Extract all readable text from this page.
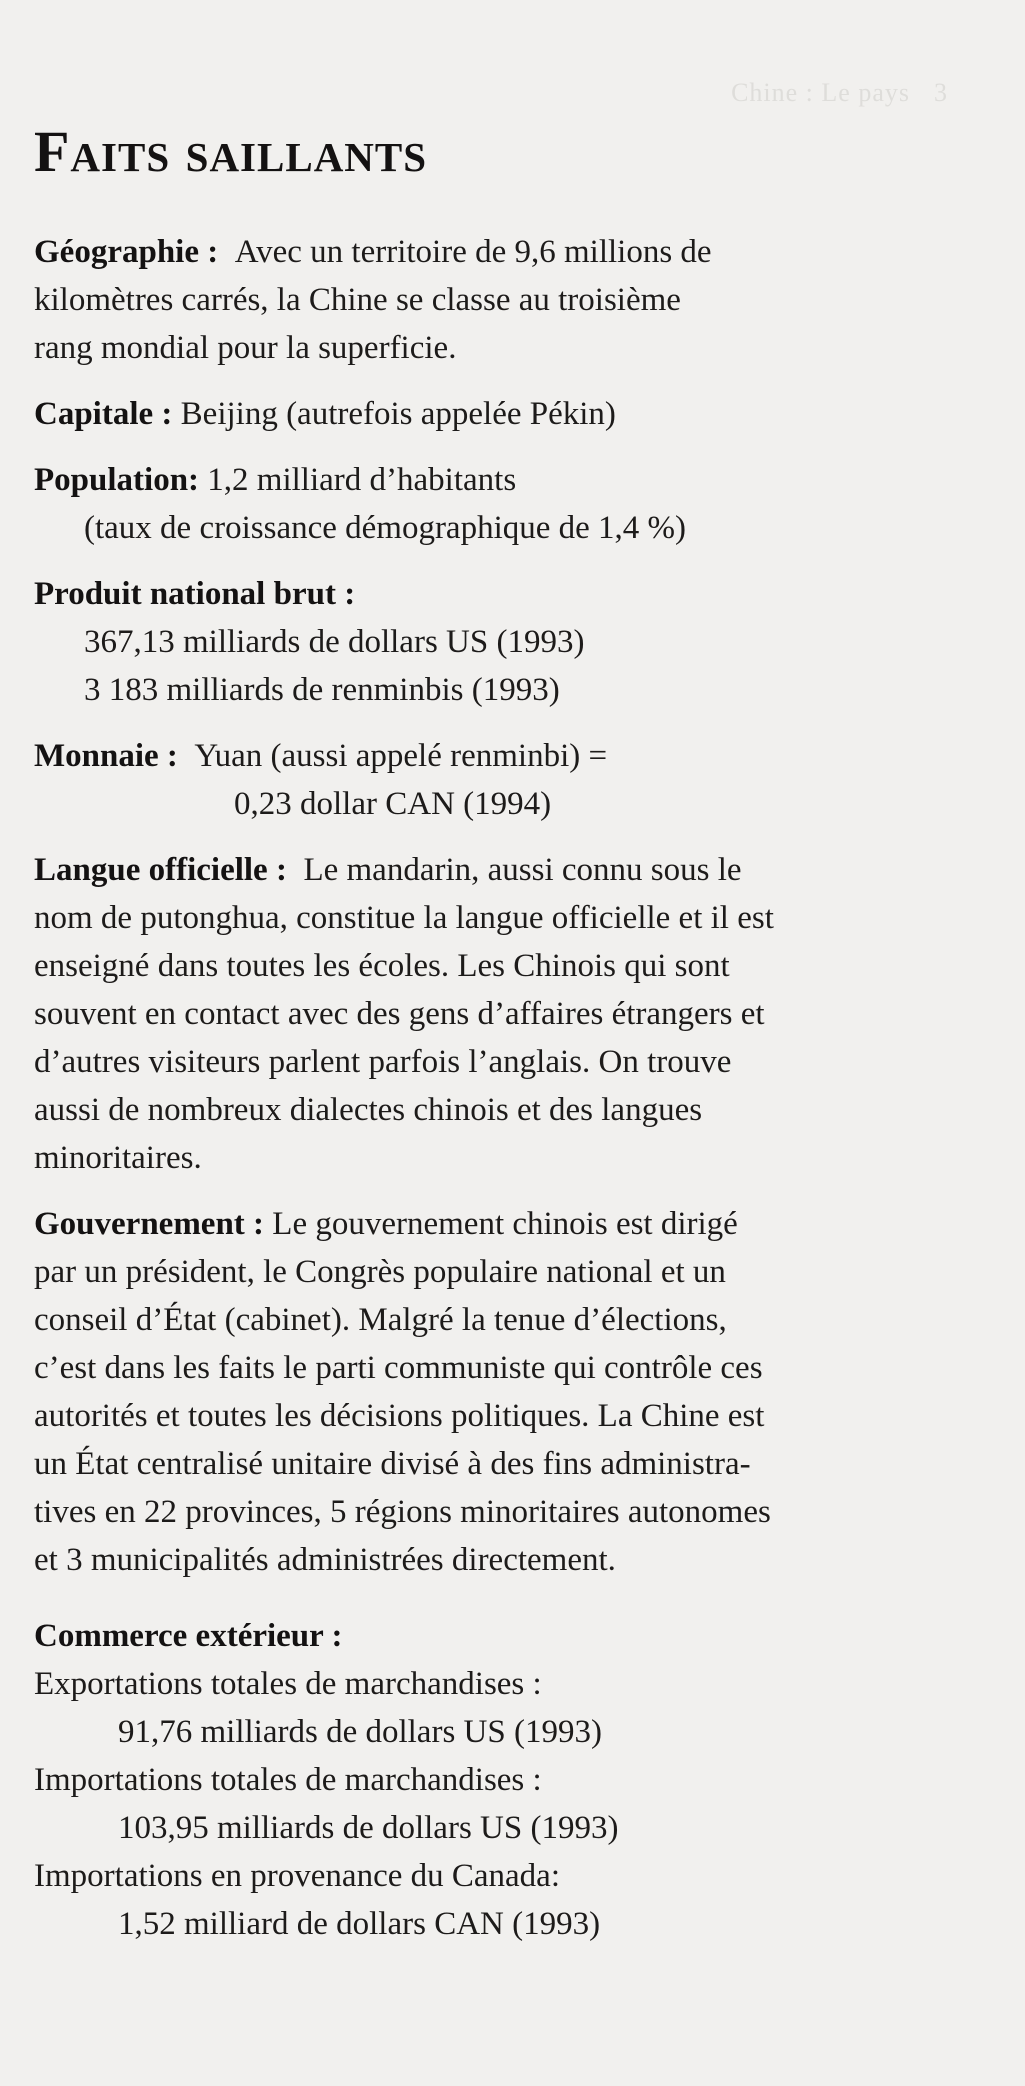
Chine : Le pays 3
Faits saillants

Géographie : Avec un territoire de 9,6 millions de

kilomètres carrés, la Chine se classe au troisième

rang mondial pour la superficie.

Capitale : Beijing (autrefois appelée Pékin)

Population: 1,2 milliard d’habitants

(taux de croissance démographique de 1,4 %)

Produit national brut :

367,13 milliards de dollars US (1993)

3 183 milliards de renminbis (1993)

Monnaie : Yuan (aussi appelé renminbi) =

0,23 dollar CAN (1994)

Langue officielle : Le mandarin, aussi connu sous le

nom de putonghua, constitue la langue officielle et il est

enseigné dans toutes les écoles. Les Chinois qui sont

souvent en contact avec des gens d’affaires étrangers et

d’autres visiteurs parlent parfois l’anglais. On trouve

aussi de nombreux dialectes chinois et des langues

minoritaires.

Gouvernement : Le gouvernement chinois est dirigé

par un président, le Congrès populaire national et un

conseil d’État (cabinet). Malgré la tenue d’élections,

c’est dans les faits le parti communiste qui contrôle ces

autorités et toutes les décisions politiques. La Chine est

un État centralisé unitaire divisé à des fins administra-

tives en 22 provinces, 5 régions minoritaires autonomes

et 3 municipalités administrées directement.

Commerce extérieur :

Exportations totales de marchandises :

91,76 milliards de dollars US (1993)

Importations totales de marchandises :

103,95 milliards de dollars US (1993)

Importations en provenance du Canada:

1,52 milliard de dollars CAN (1993)
